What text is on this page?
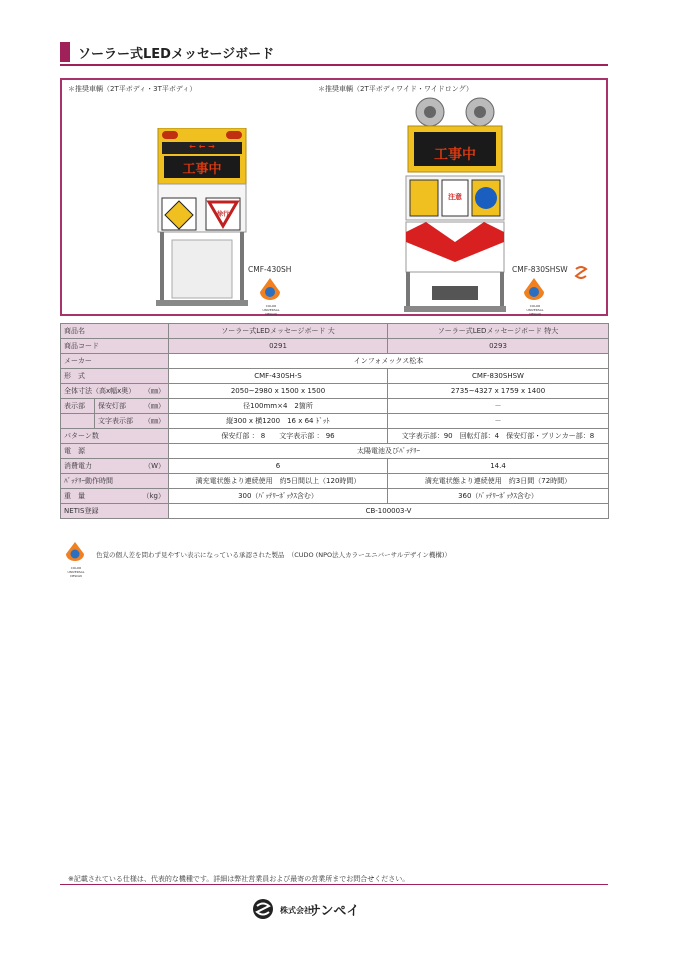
ソーラー式LEDメッセージボード
＊推奨車輌（2T平ボディ・3T平ボディ）	＊推奨車輌（2T平ボディワイド・ワイドロング）
CMF-430SH
← ← →
工事中
徐行
CMF-830SHSW
工事中
注意
COLOR UNIVERSAL DESIGN
COLOR UNIVERSAL DESIGN
商品名	ソーラー式LEDメッセージボード 大	ソーラー式LEDメッセージボード 特大
商品コード	0291	0293
メーカー	インフォメックス松本	
形　式	CMF-430SH-S	CMF-830SHSW
全体寸法（高x幅x奥） （㎜）	2050~2980 x 1500 x 1500	2735~4327 x 1759 x 1400

表示部 保安灯部 （㎜）	径100mm×4　2箇所	－

文字表示部 （㎜）	縦300 x 横1200　16 x 64 ﾄﾞｯﾄ	－
パターン数	保安灯部 ： 8　　文字表示部 ： 96	文字表示部：90　回転灯部：4　保安灯部・ブリンカー部：8
電　源	太陽電池及びﾊﾞｯﾃﾘｰ	
消費電力 （W）	6	14.4
ﾊﾞｯﾃﾘｰ動作時間	満充電状態より連続使用　約5日間以上（120時間）	満充電状態より連続使用　約3日間（72時間）
重　量 （kg）	300（ﾊﾞｯﾃﾘｰﾎﾞｯｸｽ含む）	360（ﾊﾞｯﾃﾘｰﾎﾞｯｸｽ含む）
NETIS登録	CB-100003-V	
COLOR UNIVERSAL DESIGN
色覚の個人差を問わず見やすい表示になっている承認された製品　（CUDO (NPO法人カラーユニバーサルデザイン機構)）
※記載されている仕様は、代表的な機種です。詳細は弊社営業員および最寄の営業所までお問合せください。
株式会社
サンペイ
